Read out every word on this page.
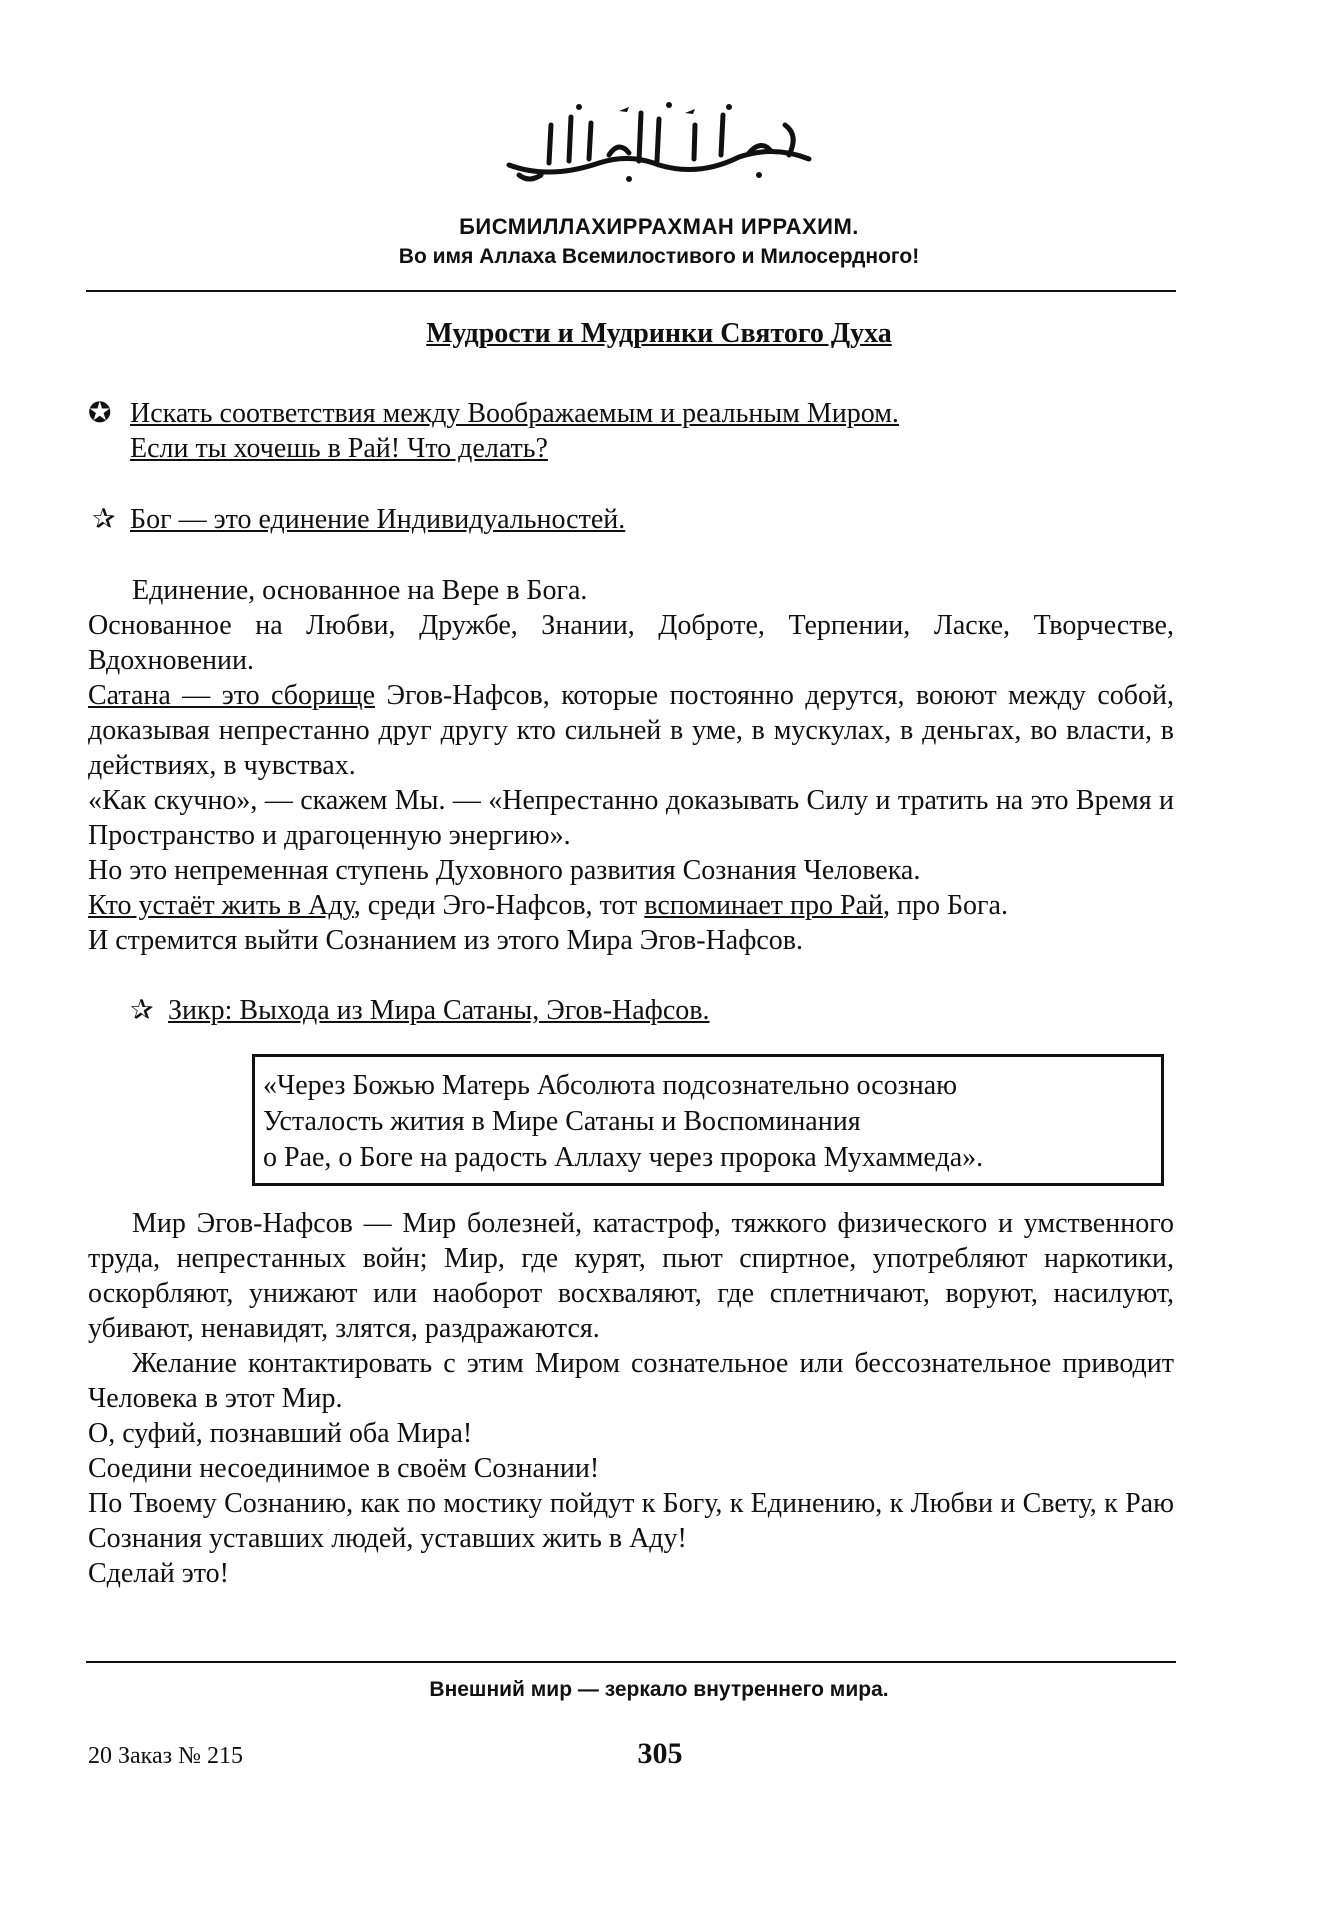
بِسۡمِ ٱللَّهِ ٱلرَّحۡمَٰنِ ٱلرَّحِيمِ
БИСМИЛЛАХИРРАХМАН ИРРАХИМ.
Во имя Аллаха Всемилостивого и Милосердного!
Мудрости и Мудринки Святого Духа
✪ Искать соответствия между Воображаемым и реальным Миром.

Если ты хочешь в Рай! Что делать?

✰ Бог — это единение Индивидуальностей.

Единение, основанное на Вере в Бога.

Основанное на Любви, Дружбе, Знании, Доброте, Терпении, Ласке, Творчестве, Вдохновении.

Сатана — это сборище Эгов-Нафсов, которые постоянно дерутся, воюют между собой, доказывая непрестанно друг другу кто сильней в уме, в мускулах, в деньгах, во власти, в действиях, в чувствах.

«Как скучно», — скажем Мы. — «Непрестанно доказывать Силу и тратить на это Время и Пространство и драгоценную энергию».

Но это непременная ступень Духовного развития Сознания Человека.

Кто устаёт жить в Аду, среди Эго-Нафсов, тот вспоминает про Рай, про Бога.

И стремится выйти Сознанием из этого Мира Эгов-Нафсов.

✰ Зикр: Выхода из Мира Сатаны, Эгов-Нафсов.

«Через Божью Матерь Абсолюта подсознательно осознаю

Усталость жития в Мире Сатаны и Воспоминания

о Рае, о Боге на радость Аллаху через пророка Мухаммеда».

Мир Эгов-Нафсов — Мир болезней, катастроф, тяжкого физического и умственного труда, непрестанных войн; Мир, где курят, пьют спиртное, употребляют наркотики, оскорбляют, унижают или наоборот восхваляют, где сплетничают, воруют, насилуют, убивают, ненавидят, злятся, раздражаются.

Желание контактировать с этим Миром сознательное или бессознательное приводит Человека в этот Мир.

О, суфий, познавший оба Мира!

Соедини несоединимое в своём Сознании!

По Твоему Сознанию, как по мостику пойдут к Богу, к Единению, к Любви и Свету, к Раю Сознания уставших людей, уставших жить в Аду!

Сделай это!

Внешний мир — зеркало внутреннего мира.
20 Заказ № 215	305
